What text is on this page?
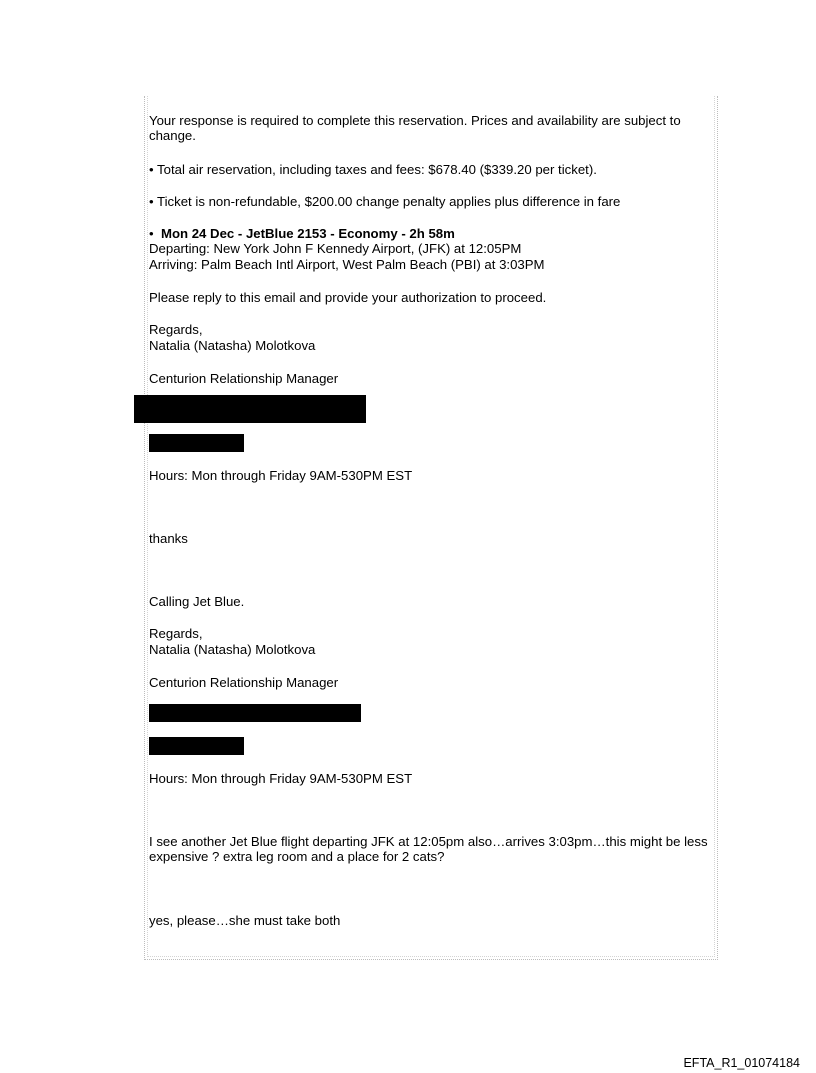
Your response is required to complete this reservation. Prices and availability are subject to change.
• Total air reservation, including taxes and fees: $678.40 ($339.20 per ticket).
• Ticket is non-refundable, $200.00 change penalty applies plus difference in fare
• Mon 24 Dec - JetBlue 2153 - Economy - 2h 58m
Departing: New York John F Kennedy Airport, (JFK) at 12:05PM
Arriving: Palm Beach Intl Airport, West Palm Beach (PBI) at 3:03PM
Please reply to this email and provide your authorization to proceed.
Regards,
Natalia (Natasha) Molotkova
Centurion Relationship Manager
Hours: Mon through Friday 9AM-530PM EST
thanks
Calling Jet Blue.
Regards,
Natalia (Natasha) Molotkova
Centurion Relationship Manager
Hours: Mon through Friday 9AM-530PM EST
I see another Jet Blue flight departing JFK at 12:05pm also…arrives 3:03pm…this might be less expensive ? extra leg room and a place for 2 cats?
yes, please…she must take both
EFTA_R1_01074184
